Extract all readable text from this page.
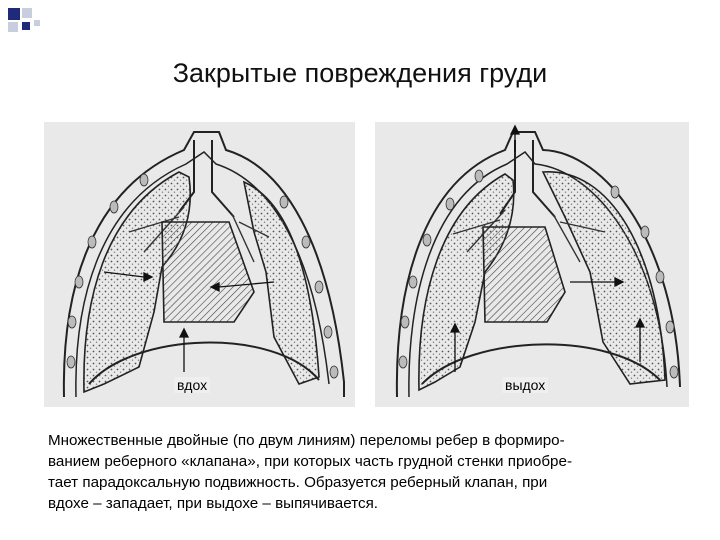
Закрытые повреждения груди
вдох	выдох
Множественные двойные (по двум линиям) переломы ребер в формиро-
ванием реберного «клапана», при которых часть грудной стенки приобре-
тает парадоксальную подвижность. Образуется реберный клапан, при
вдохе – западает, при выдохе – выпячивается.
